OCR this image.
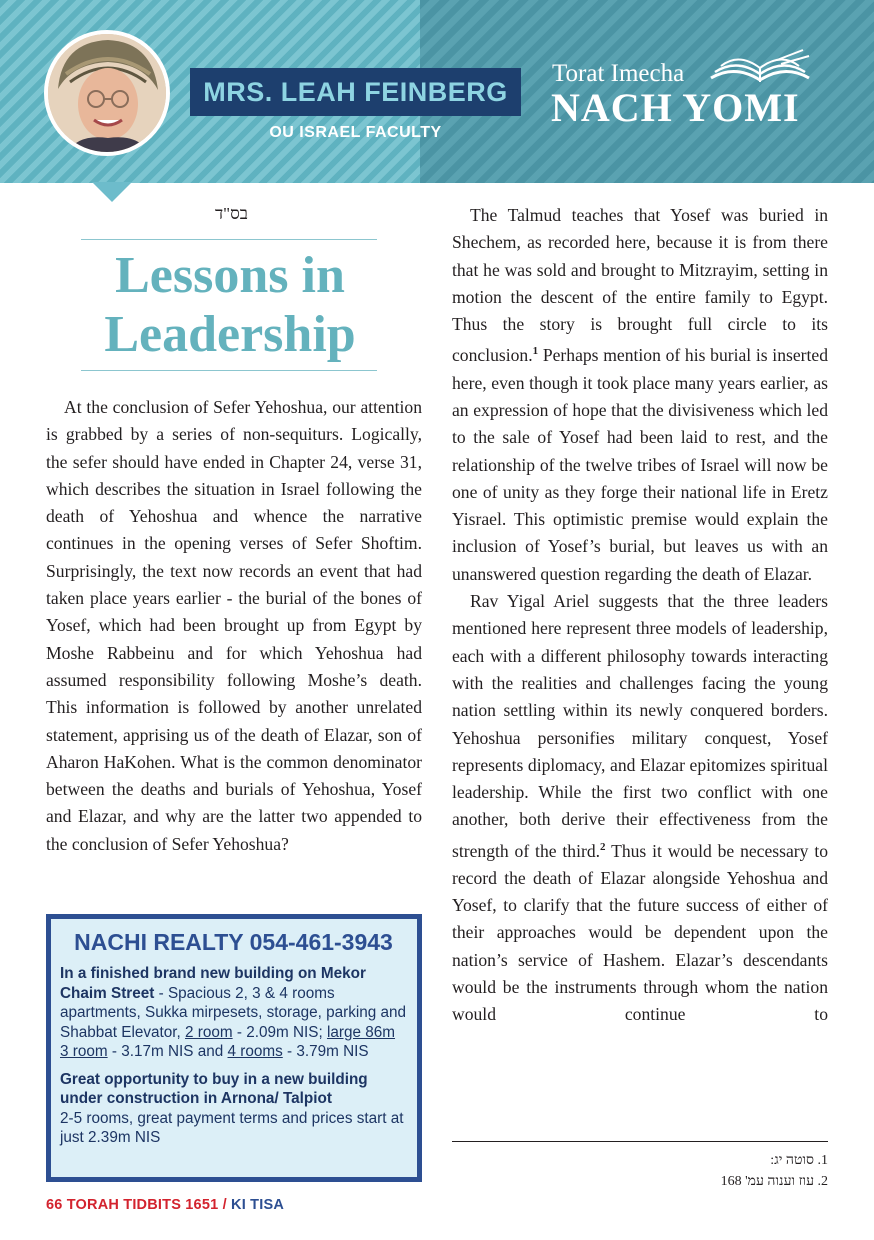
MRS. LEAH FEINBERG
OU ISRAEL FACULTY
Torat Imecha
NACH YOMI
בס"ד
Lessons in
Leadership

At the conclusion of Sefer Yehoshua, our attention is grabbed by a series of non-sequiturs. Logically, the sefer should have ended in Chapter 24, verse 31, which describes the situation in Israel following the death of Yehoshua and whence the narrative continues in the opening verses of Sefer Shoftim. Surprisingly, the text now records an event that had taken place years earlier - the burial of the bones of Yosef, which had been brought up from Egypt by Moshe Rabbeinu and for which Yehoshua had assumed responsibility following Moshe’s death. This information is followed by another unrelated statement, apprising us of the death of Elazar, son of Aharon HaKohen. What is the common denominator between the deaths and burials of Yehoshua, Yosef and Elazar, and why are the latter two appended to the conclusion of Sefer Yehoshua?

The Talmud teaches that Yosef was buried in Shechem, as recorded here, because it is from there that he was sold and brought to Mitzrayim, setting in motion the descent of the entire family to Egypt. Thus the story is brought full circle to its conclusion.$^1$ Perhaps mention of his burial is inserted here, even though it took place many years earlier, as an expression of hope that the divisiveness which led to the sale of Yosef had been laid to rest, and the relationship of the twelve tribes of Israel will now be one of unity as they forge their national life in Eretz Yisrael. This optimistic premise would explain the inclusion of Yosef’s burial, but leaves us with an unanswered question regarding the death of Elazar.

Rav Yigal Ariel suggests that the three leaders mentioned here represent three models of leadership, each with a different philosophy towards interacting with the realities and challenges facing the young nation settling within its newly conquered borders. Yehoshua personifies military conquest, Yosef represents diplomacy, and Elazar epitomizes spiritual leadership. While the first two conflict with one another, both derive their effectiveness from the strength of the third.$^2$ Thus it would be necessary to record the death of Elazar alongside Yehoshua and Yosef, to clarify that the future success of either of their approaches would be dependent upon the nation’s service of Hashem. Elazar’s descendants would be the instruments through whom the nation would continue to

NACHI REALTY 054-461-3943

In a finished brand new building on Mekor Chaim Street - Spacious 2, 3 & 4 rooms apartments, Sukka mirpesets, storage, parking and Shabbat Elevator, 2 room - 2.09m NIS; large 86m 3 room - 3.17m NIS and 4 rooms - 3.79m NIS

Great opportunity to buy in a new building under construction in Arnona/ Talpiot
2-5 rooms, great payment terms and prices start at just 2.39m NIS

1. סוטה יג:
2. עוז וענוה עמ' 168
66 TORAH TIDBITS 1651 / KI TISA
